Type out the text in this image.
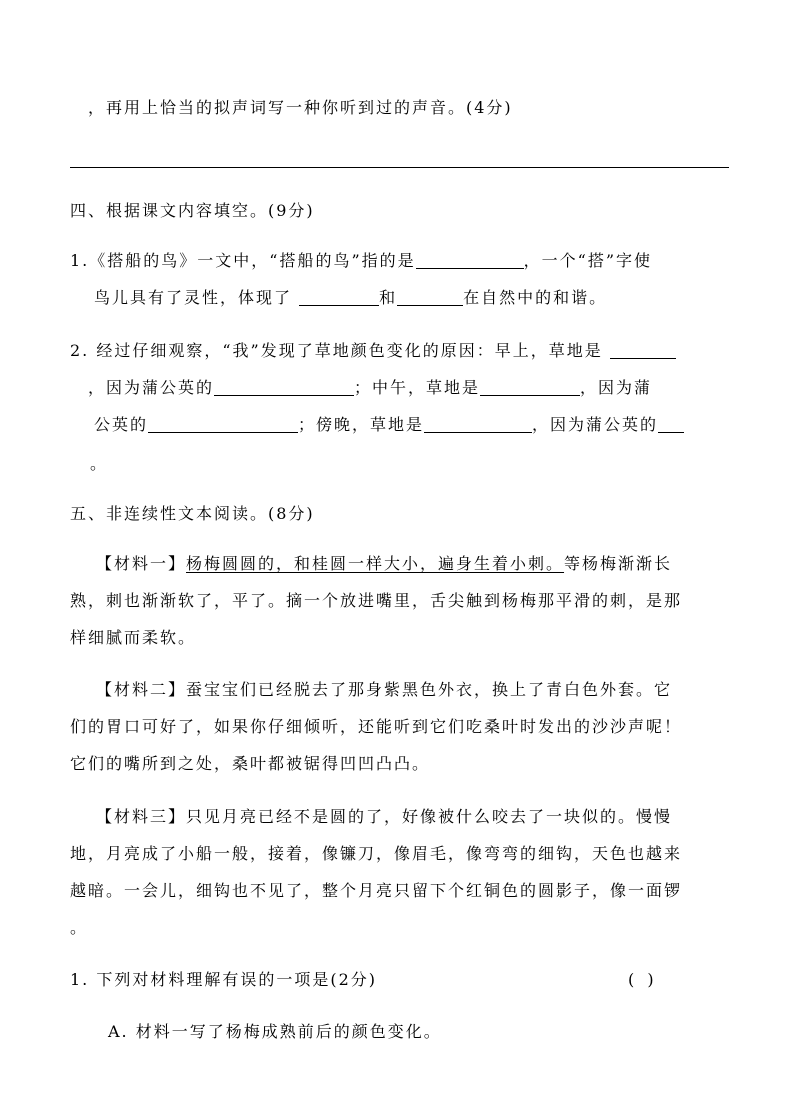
，再用上恰当的拟声词写一种你听到过的声音。(4分)
四、根据课文内容填空。(9分)
1.《搭船的鸟》一文中，“搭船的鸟”指的是	，一个“搭”字使
鸟儿具有了灵性，体现了	和	在自然中的和谐。
2. 经过仔细观察，“我”发现了草地颜色变化的原因：早上，草地是
，因为蒲公英的	；中午，草地是	，因为蒲
公英的	；傍晚，草地是	，因为蒲公英的
。
五、非连续性文本阅读。(8分)
【材料一】杨梅圆圆的，和桂圆一样大小，遍身生着小刺。等杨梅渐渐长
熟，刺也渐渐软了，平了。摘一个放进嘴里，舌尖触到杨梅那平滑的刺，是那
样细腻而柔软。
【材料二】蚕宝宝们已经脱去了那身紫黑色外衣，换上了青白色外套。它
们的胃口可好了，如果你仔细倾听，还能听到它们吃桑叶时发出的沙沙声呢！
它们的嘴所到之处，桑叶都被锯得凹凹凸凸。
【材料三】只见月亮已经不是圆的了，好像被什么咬去了一块似的。慢慢
地，月亮成了小船一般，接着，像镰刀，像眉毛，像弯弯的细钩，天色也越来
越暗。一会儿，细钩也不见了，整个月亮只留下个红铜色的圆影子，像一面锣
。
1. 下列对材料理解有误的一项是(2分)	( )
A. 材料一写了杨梅成熟前后的颜色变化。
